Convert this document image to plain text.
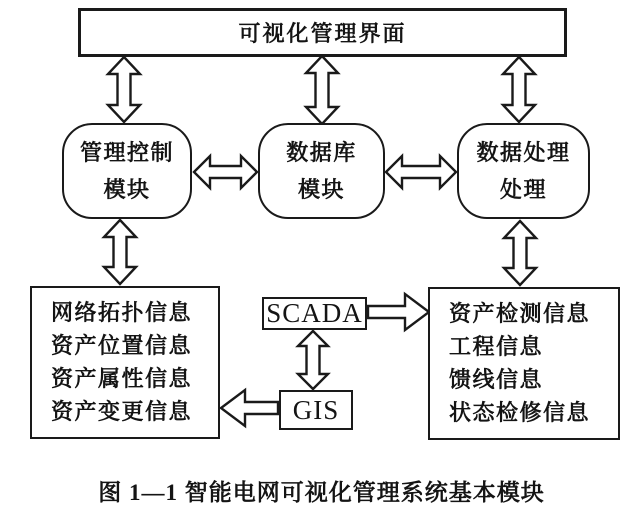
可视化管理界面
管理控制
模块
数据库
模块
数据处理
处理
网络拓扑信息
资产位置信息
资产属性信息
资产变更信息
SCADA
GIS
资产检测信息
工程信息
馈线信息
状态检修信息
图 1—1 智能电网可视化管理系统基本模块
